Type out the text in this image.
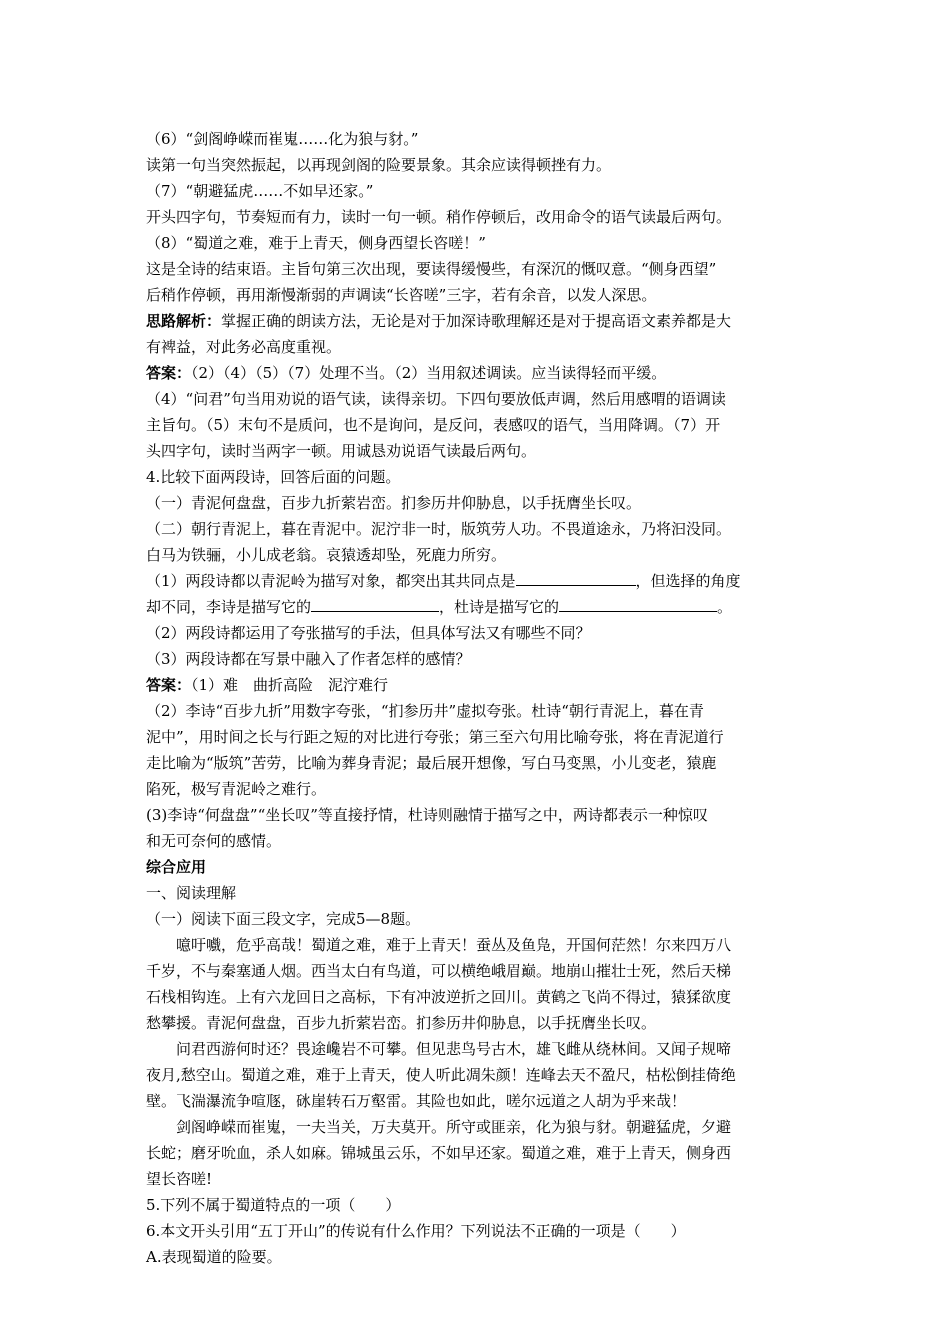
（6）“剑阁峥嵘而崔嵬……化为狼与豺。”
读第一句当突然振起，以再现剑阁的险要景象。其余应读得顿挫有力。
（7）“朝避猛虎……不如早还家。”
开头四字句，节奏短而有力，读时一句一顿。稍作停顿后，改用命令的语气读最后两句。
（8）“蜀道之难，难于上青天，侧身西望长咨嗟！”
这是全诗的结束语。主旨句第三次出现，要读得缓慢些，有深沉的慨叹意。“侧身西望”
后稍作停顿，再用渐慢渐弱的声调读“长咨嗟”三字，若有余音，以发人深思。
思路解析：掌握正确的朗读方法，无论是对于加深诗歌理解还是对于提高语文素养都是大
有裨益，对此务必高度重视。
答案：（2）（4）（5）（7）处理不当。（2）当用叙述调读。应当读得轻而平缓。
（4）“问君”句当用劝说的语气读，读得亲切。下四句要放低声调，然后用感喟的语调读
主旨句。（5）末句不是质问，也不是询问，是反问，表感叹的语气，当用降调。（7）开
头四字句，读时当两字一顿。用诚恳劝说语气读最后两句。
4.比较下面两段诗，回答后面的问题。
（一）青泥何盘盘，百步九折萦岩峦。扪参历井仰胁息，以手抚膺坐长叹。
（二）朝行青泥上，暮在青泥中。泥泞非一时，版筑劳人功。不畏道途永，乃将汩没同。
白马为铁骊，小儿成老翁。哀猿透却坠，死鹿力所穷。
（1）两段诗都以青泥岭为描写对象，都突出其共同点是	，但选择的角度
却不同，李诗是描写它的	，杜诗是描写它的	。
（2）两段诗都运用了夸张描写的手法，但具体写法又有哪些不同？
（3）两段诗都在写景中融入了作者怎样的感情？
答案：（1）难　曲折高险　泥泞难行
（2）李诗“百步九折”用数字夸张，“扪参历井”虚拟夸张。杜诗“朝行青泥上，暮在青
泥中”，用时间之长与行距之短的对比进行夸张；第三至六句用比喻夸张，将在青泥道行
走比喻为“版筑”苦劳，比喻为葬身青泥；最后展开想像，写白马变黑，小儿变老，猿鹿
陷死，极写青泥岭之难行。
(3)李诗“何盘盘”“坐长叹”等直接抒情，杜诗则融情于描写之中，两诗都表示一种惊叹
和无可奈何的感情。
综合应用
一、阅读理解
（一）阅读下面三段文字，完成5—8题。
噫吁嚱，危乎高哉！蜀道之难，难于上青天！蚕丛及鱼凫，开国何茫然！尔来四万八
千岁，不与秦塞通人烟。西当太白有鸟道，可以横绝峨眉巅。地崩山摧壮士死，然后天梯
石栈相钩连。上有六龙回日之高标，下有冲波逆折之回川。黄鹤之飞尚不得过，猿猱欲度
愁攀援。青泥何盘盘，百步九折萦岩峦。扪参历井仰胁息，以手抚膺坐长叹。
问君西游何时还？畏途巉岩不可攀。但见悲鸟号古木，雄飞雌从绕林间。又闻子规啼
夜月,愁空山。蜀道之难，难于上青天，使人听此凋朱颜！连峰去天不盈尺，枯松倒挂倚绝
壁。飞湍瀑流争喧豗，砯崖转石万壑雷。其险也如此，嗟尔远道之人胡为乎来哉！
剑阁峥嵘而崔嵬，一夫当关，万夫莫开。所守或匪亲，化为狼与豺。朝避猛虎，夕避
长蛇；磨牙吮血，杀人如麻。锦城虽云乐，不如早还家。蜀道之难，难于上青天，侧身西
望长咨嗟!
5.下列不属于蜀道特点的一项（　　）
6.本文开头引用“五丁开山”的传说有什么作用？下列说法不正确的一项是（　　）
A.表现蜀道的险要。
